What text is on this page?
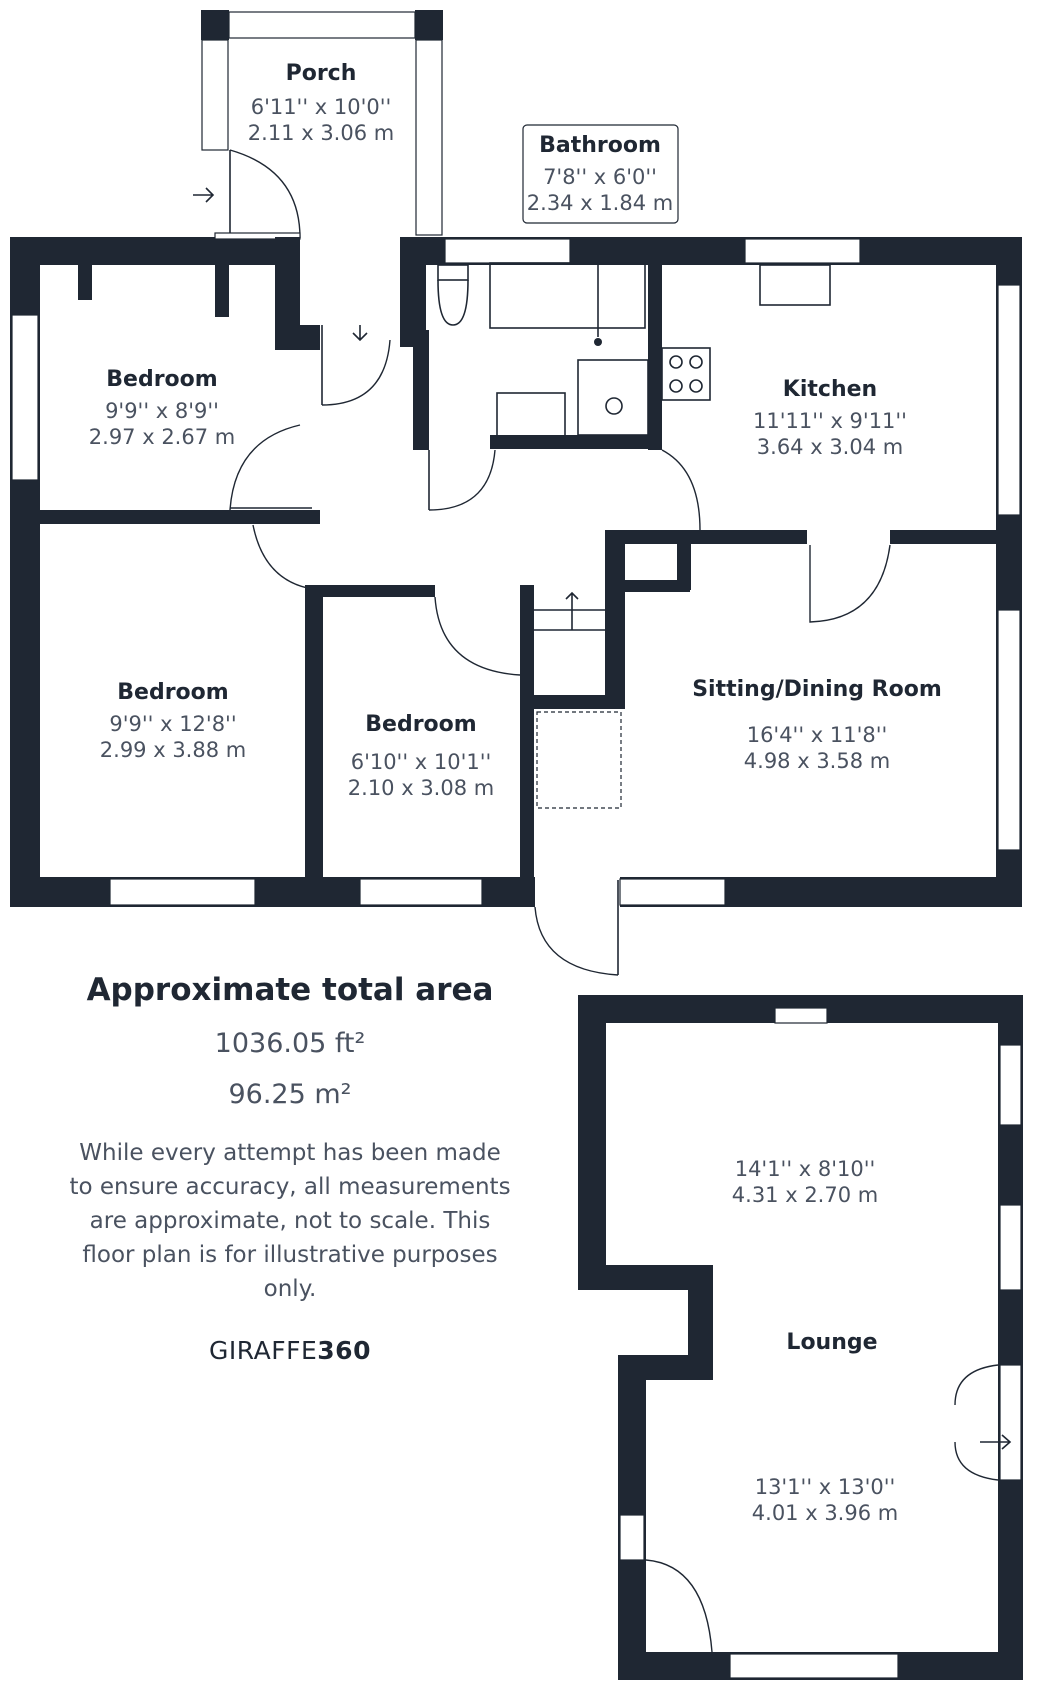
Porch
6'11'' x 10'0''
2.11 x 3.06 m	Bathroom
7'8'' x 6'0''
2.34 x 1.84 m
Bedroom
9'9'' x 8'9''
2.97 x 2.67 m
Kitchen
11'11'' x 9'11''
3.64 x 3.04 m
Bedroom
9'9'' x 12'8''
2.99 x 3.88 m
Bedroom
6'10'' x 10'1''
2.10 x 3.08 m
Sitting/Dining Room
16'4'' x 11'8''
4.98 x 3.58 m
14'1'' x 8'10''
4.31 x 2.70 m
Lounge
13'1'' x 13'0''
4.01 x 3.96 m
Approximate total area
1036.05 ft²
96.25 m²
While every attempt has been made to ensure accuracy, all measurements are approximate, not to scale. This floor plan is for illustrative purposes only.
GIRAFFE360
